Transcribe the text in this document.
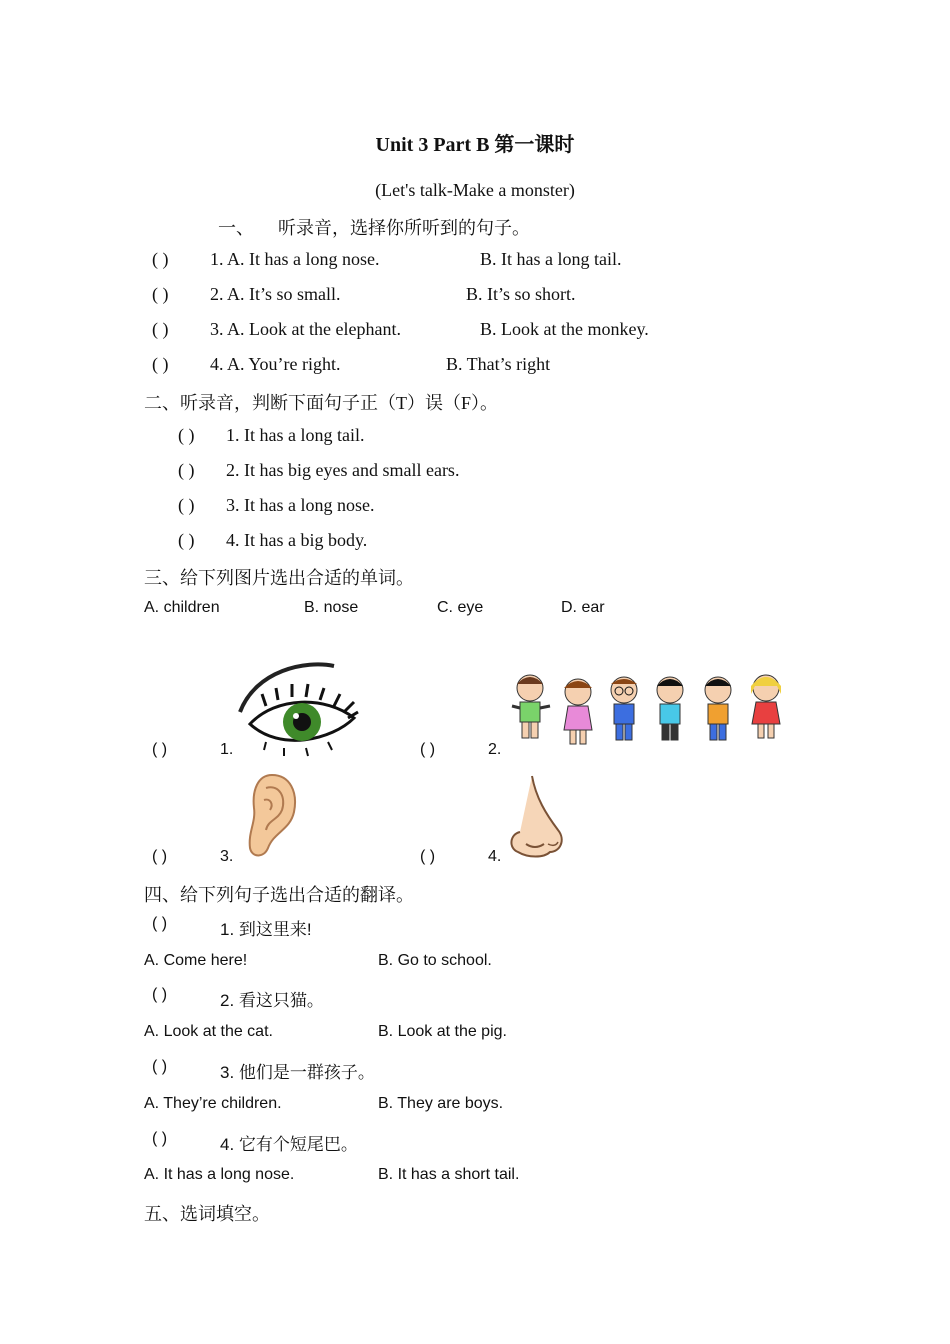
Unit 3 Part B 第一课时
(Let's talk-Make a monster)
一、 听录音，选择你所听到的句子。
( ) 1. A. It has a long nose.	B. It has a long tail.
( ) 2. A. It’s so small.	B. It’s so short.
( ) 3. A. Look at the elephant.	B. Look at the monkey.
( ) 4. A. You’re right.	B. That’s right
二、听录音，判断下面句子正（T）误（F）。
( ) 1. It has a long tail.
( ) 2. It has big eyes and small ears.
( ) 3. It has a long nose.
( ) 4. It has a big body.
三、给下列图片选出合适的单词。
A. children	B. nose	C. eye	D. ear
( )	1.	( )	2.
( )	3.	( )	4.
四、给下列句子选出合适的翻译。
( )	1. 到这里来!
A. Come here!	B. Go to school.
( )	2. 看这只猫。
A. Look at the cat.	B. Look at the pig.
( )	3. 他们是一群孩子。
A. They’re children.	B. They are boys.
( )	4. 它有个短尾巴。
A. It has a long nose.	B. It has a short tail.
五、选词填空。
